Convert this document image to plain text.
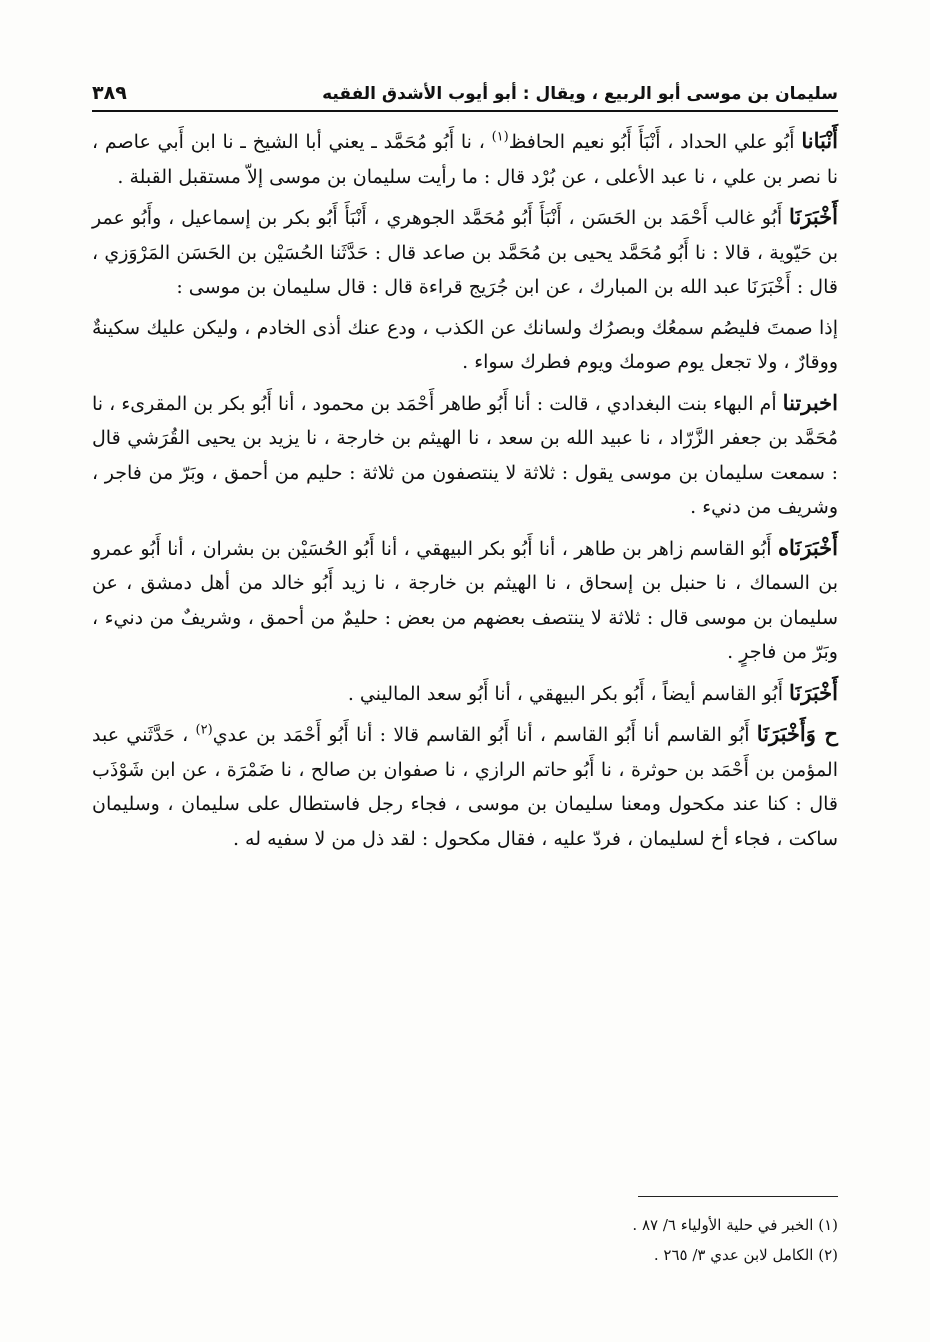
سليمان بن موسى أبو الربيع ، ويقال : أبو أيوب الأشدق الفقيه
٣٨٩

أَنْبَانا أَبُو علي الحداد ، أَنْبَأَ أَبُو نعيم الحافظ$^{(١)}$ ، نا أَبُو مُحَمَّد ـ يعني أبا الشيخ ـ نا ابن أَبي عاصم ، نا نصر بن علي ، نا عبد الأعلى ، عن بُرْد قال : ما رأيت سليمان بن موسى إلاّ مستقبل القبلة .

أَخْبَرَنَا أَبُو غالب أَحْمَد بن الحَسَن ، أَنْبَأَ أَبُو مُحَمَّد الجوهري ، أَنْبَأَ أَبُو بكر بن إسماعيل ، وأَبُو عمر بن حَيّوية ، قالا : نا أَبُو مُحَمَّد يحيى بن مُحَمَّد بن صاعد قال : حَدَّثَنا الحُسَيْن بن الحَسَن المَرْوَزي ، قال : أَخْبَرَنَا عبد الله بن المبارك ، عن ابن جُرَيج قراءة قال : قال سليمان بن موسى :

إذا صمتَ فليصُم سمعُك وبصرُك ولسانك عن الكذب ، ودع عنك أذى الخادم ، وليكن عليك سكينةٌ ووقارٌ ، ولا تجعل يوم صومك ويوم فطرك سواء .

اخبرتنا أم البهاء بنت البغدادي ، قالت : أنا أَبُو طاهر أَحْمَد بن محمود ، أنا أَبُو بكر بن المقرىء ، نا مُحَمَّد بن جعفر الزَّرّاد ، نا عبيد الله بن سعد ، نا الهيثم بن خارجة ، نا يزيد بن يحيى القُرَشي قال : سمعت سليمان بن موسى يقول : ثلاثة لا ينتصفون من ثلاثة : حليم من أحمق ، وبَرّ من فاجر ، وشريف من دنيء .

أَخْبَرَنَاه أَبُو القاسم زاهر بن طاهر ، أنا أَبُو بكر البيهقي ، أنا أَبُو الحُسَيْن بن بشران ، أنا أَبُو عمرو بن السماك ، نا حنبل بن إسحاق ، نا الهيثم بن خارجة ، نا زيد أَبُو خالد من أهل دمشق ، عن سليمان بن موسى قال : ثلاثة لا ينتصف بعضهم من بعض : حليمٌ من أحمق ، وشريفٌ من دنيء ، وبَرّ من فاجرٍ .

أَخْبَرَنَا أَبُو القاسم أيضاً ، أَبُو بكر البيهقي ، أنا أَبُو سعد الماليني .

ح وَأَخْبَرَنَا أَبُو القاسم أنا أَبُو القاسم ، أنا أَبُو القاسم قالا : أنا أَبُو أَحْمَد بن عدي$^{(٢)}$ ، حَدَّثَني عبد المؤمن بن أَحْمَد بن حوثرة ، نا أَبُو حاتم الرازي ، نا صفوان بن صالح ، نا ضَمْرَة ، عن ابن شَوْذَب قال : كنا عند مكحول ومعنا سليمان بن موسى ، فجاء رجل فاستطال على سليمان ، وسليمان ساكت ، فجاء أخ لسليمان ، فردّ عليه ، فقال مكحول : لقد ذل من لا سفيه له .

(١) الخبر في حلية الأولياء ٦/ ٨٧ .

(٢) الكامل لابن عدي ٣/ ٢٦٥ .
